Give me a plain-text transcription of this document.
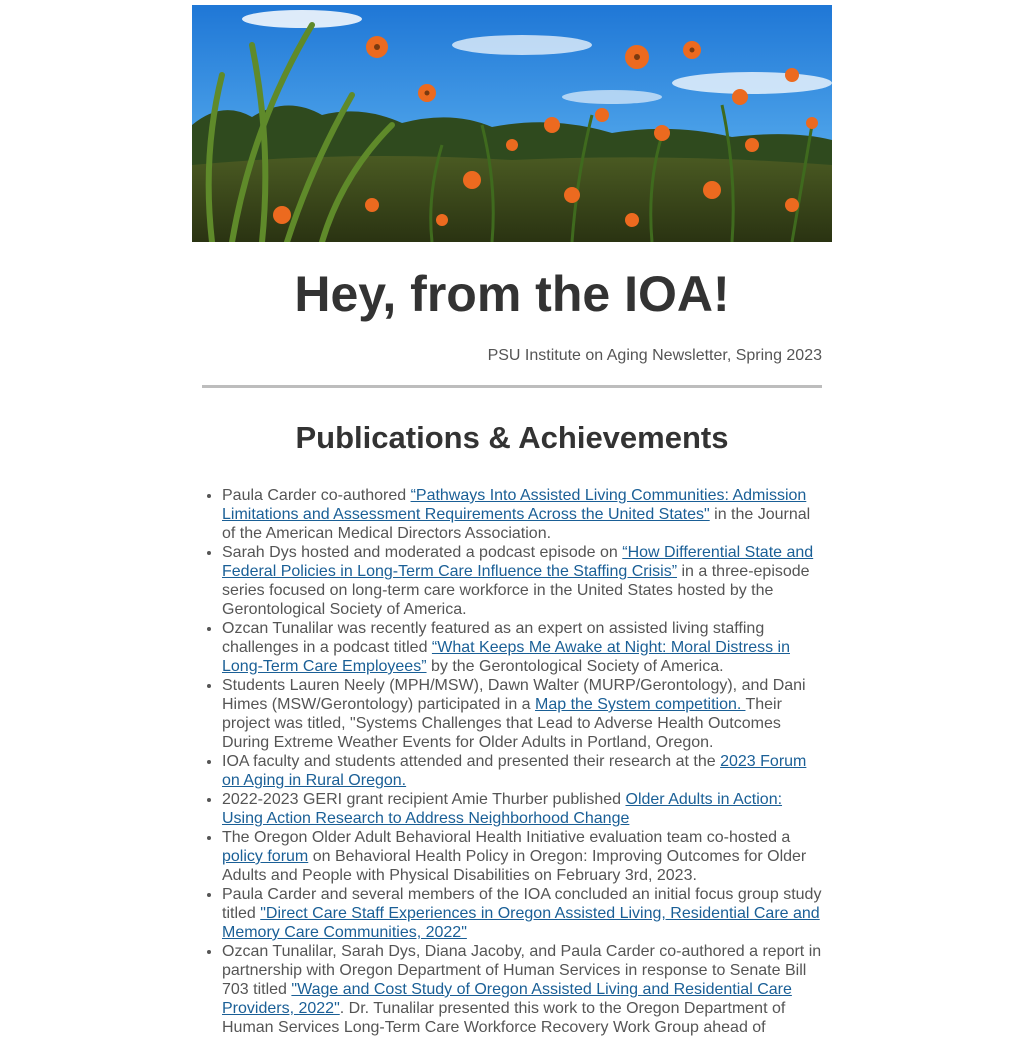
Hey, from the IOA!
PSU Institute on Aging Newsletter, Spring 2023
Publications & Achievements
• Paula Carder co-authored “Pathways Into Assisted Living Communities: Admission Limitations and Assessment Requirements Across the United States" in the Journal of the American Medical Directors Association.
• Sarah Dys hosted and moderated a podcast episode on “How Differential State and Federal Policies in Long-Term Care Influence the Staffing Crisis” in a three-episode series focused on long-term care workforce in the United States hosted by the Gerontological Society of America.
• Ozcan Tunalilar was recently featured as an expert on assisted living staffing challenges in a podcast titled “What Keeps Me Awake at Night: Moral Distress in Long-Term Care Employees” by the Gerontological Society of America.
• Students Lauren Neely (MPH/MSW), Dawn Walter (MURP/Gerontology), and Dani Himes (MSW/Gerontology) participated in a Map the System competition. Their project was titled, "Systems Challenges that Lead to Adverse Health Outcomes During Extreme Weather Events for Older Adults in Portland, Oregon.
• IOA faculty and students attended and presented their research at the 2023 Forum on Aging in Rural Oregon.
• 2022-2023 GERI grant recipient Amie Thurber published Older Adults in Action: Using Action Research to Address Neighborhood Change
• The Oregon Older Adult Behavioral Health Initiative evaluation team co-hosted a policy forum on Behavioral Health Policy in Oregon: Improving Outcomes for Older Adults and People with Physical Disabilities on February 3rd, 2023.
• Paula Carder and several members of the IOA concluded an initial focus group study titled "Direct Care Staff Experiences in Oregon Assisted Living, Residential Care and Memory Care Communities, 2022"
• Ozcan Tunalilar, Sarah Dys, Diana Jacoby, and Paula Carder co-authored a report in partnership with Oregon Department of Human Services in response to Senate Bill 703 titled "Wage and Cost Study of Oregon Assisted Living and Residential Care Providers, 2022". Dr. Tunalilar presented this work to the Oregon Department of Human Services Long-Term Care Workforce Recovery Work Group ahead of
